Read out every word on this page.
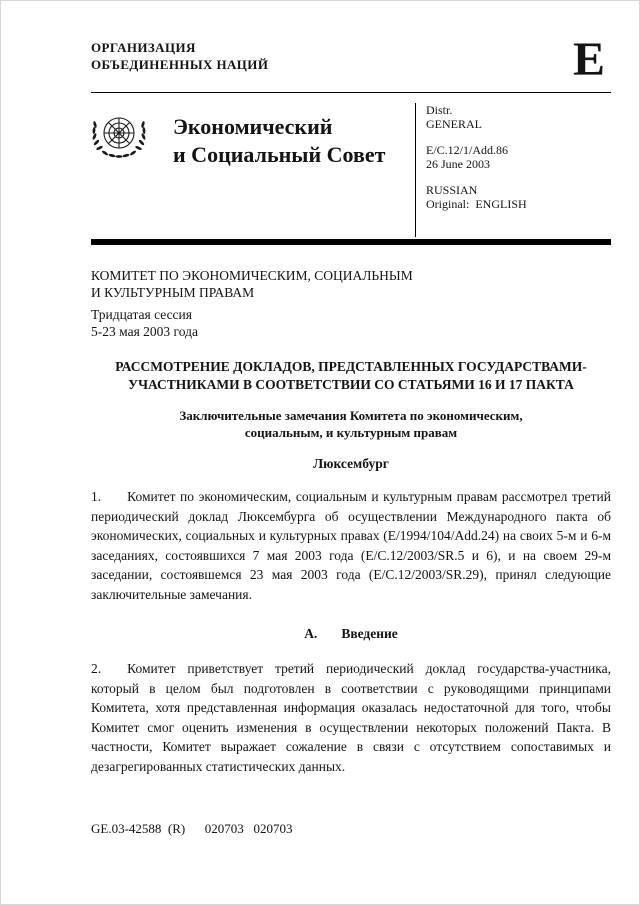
ОРГАНИЗАЦИЯ
ОБЪЕДИНЕННЫХ НАЦИЙ	E
Экономический
и Социальный Совет
Distr.
GENERAL
E/C.12/1/Add.86
26 June 2003
RUSSIAN
Original:  ENGLISH
КОМИТЕТ ПО ЭКОНОМИЧЕСКИМ, СОЦИАЛЬНЫМ
И КУЛЬТУРНЫМ ПРАВАМ
Тридцатая сессия
5-23 мая 2003 года
РАССМОТРЕНИЕ ДОКЛАДОВ, ПРЕДСТАВЛЕННЫХ ГОСУДАРСТВАМИ-
УЧАСТНИКАМИ В СООТВЕТСТВИИ СО СТАТЬЯМИ 16 И 17 ПАКТА
Заключительные замечания Комитета по экономическим,
социальным, и культурным правам
Люксембург

1. Комитет по экономическим, социальным и культурным правам рассмотрел третий периодический доклад Люксембурга об осуществлении Международного пакта об экономических, социальных и культурных правах (E/1994/104/Add.24) на своих 5-м и 6-м заседаниях, состоявшихся 7 мая 2003 года (E/C.12/2003/SR.5 и 6), и на своем 29-м заседании, состоявшемся 23 мая 2003 года (E/C.12/2003/SR.29), принял следующие заключительные замечания.

А. Введение

2. Комитет приветствует третий периодический доклад государства-участника, который в целом был подготовлен в соответствии с руководящими принципами Комитета, хотя представленная информация оказалась недостаточной для того, чтобы Комитет смог оценить изменения в осуществлении некоторых положений Пакта. В частности, Комитет выражает сожаление в связи с отсутствием сопоставимых и дезагрегированных статистических данных.

GE.03-42588  (R)      020703   020703
